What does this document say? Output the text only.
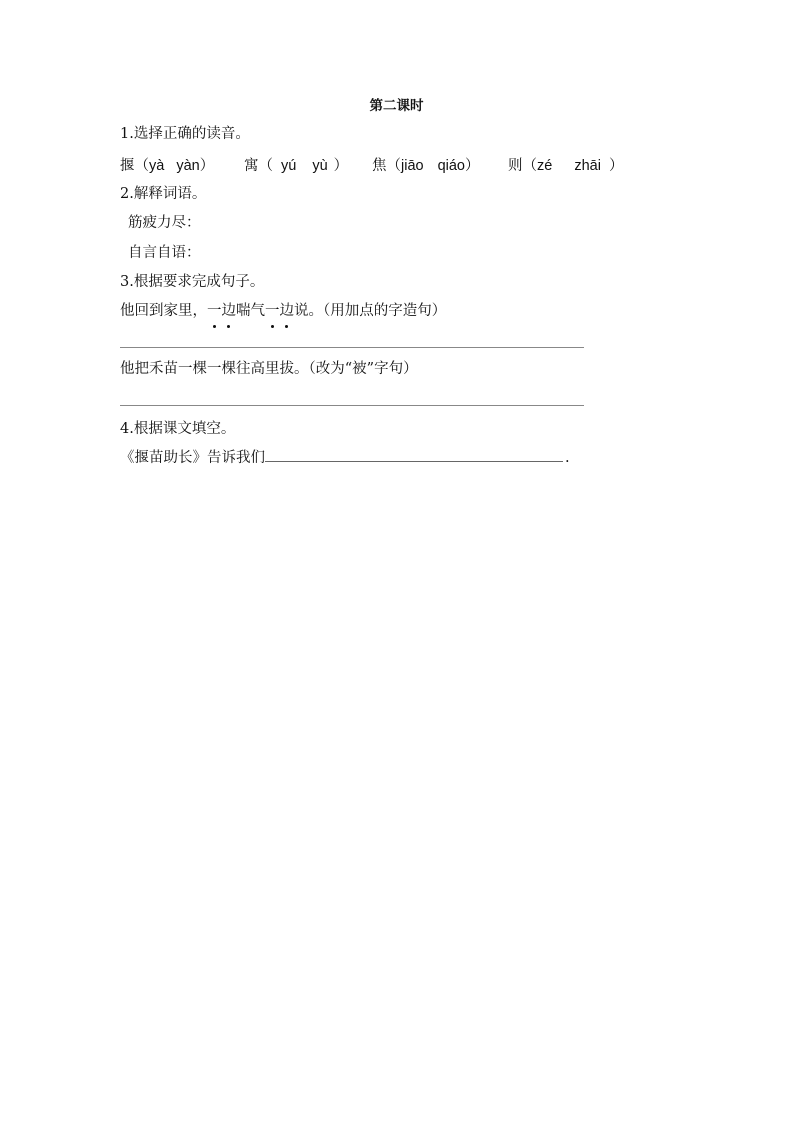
第二课时
1.选择正确的读音。
揠（yà yàn） 寓（ yú yù ） 焦（jiāo qiáo） 则（zé zhāi ）
2.解释词语。
筋疲力尽：
自言自语：
3.根据要求完成句子。
他回到家里，一边喘气一边说。（用加点的字造句）
他把禾苗一棵一棵往高里拔。（改为“被”字句）
4.根据课文填空。
《揠苗助长》告诉我们	.
